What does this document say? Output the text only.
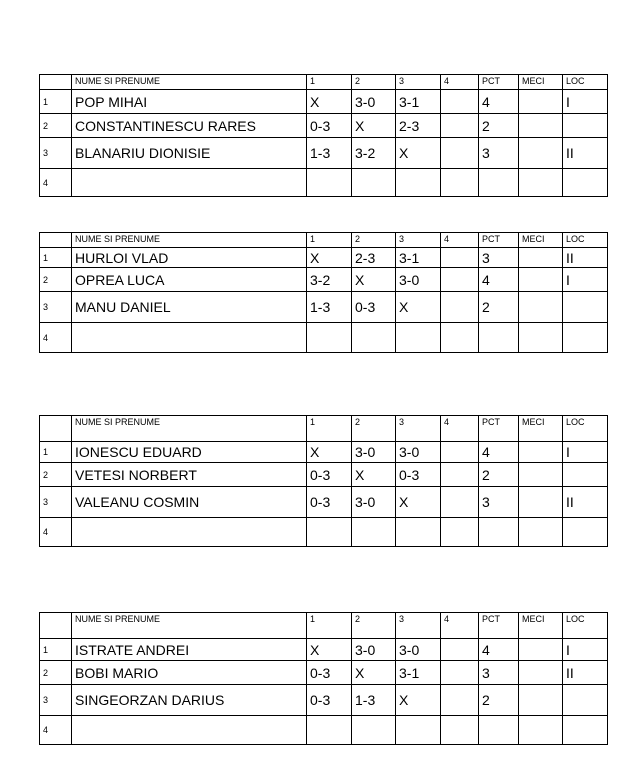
	NUME SI PRENUME	1	2	3	4	PCT	MECI	LOC
1	POP MIHAI	X	3-0	3-1		4		I
2	CONSTANTINESCU RARES	0-3	X	2-3		2		
3	BLANARIU DIONISIE	1-3	3-2	X		3		II
4								
	NUME SI PRENUME	1	2	3	4	PCT	MECI	LOC
1	HURLOI VLAD	X	2-3	3-1		3		II
2	OPREA LUCA	3-2	X	3-0		4		I
3	MANU DANIEL	1-3	0-3	X		2		
4								
	NUME SI PRENUME	1	2	3	4	PCT	MECI	LOC
1	IONESCU EDUARD	X	3-0	3-0		4		I
2	VETESI NORBERT	0-3	X	0-3		2		
3	VALEANU COSMIN	0-3	3-0	X		3		II
4								
	NUME SI PRENUME	1	2	3	4	PCT	MECI	LOC
1	ISTRATE ANDREI	X	3-0	3-0		4		I
2	BOBI MARIO	0-3	X	3-1		3		II
3	SINGEORZAN DARIUS	0-3	1-3	X		2		
4								
